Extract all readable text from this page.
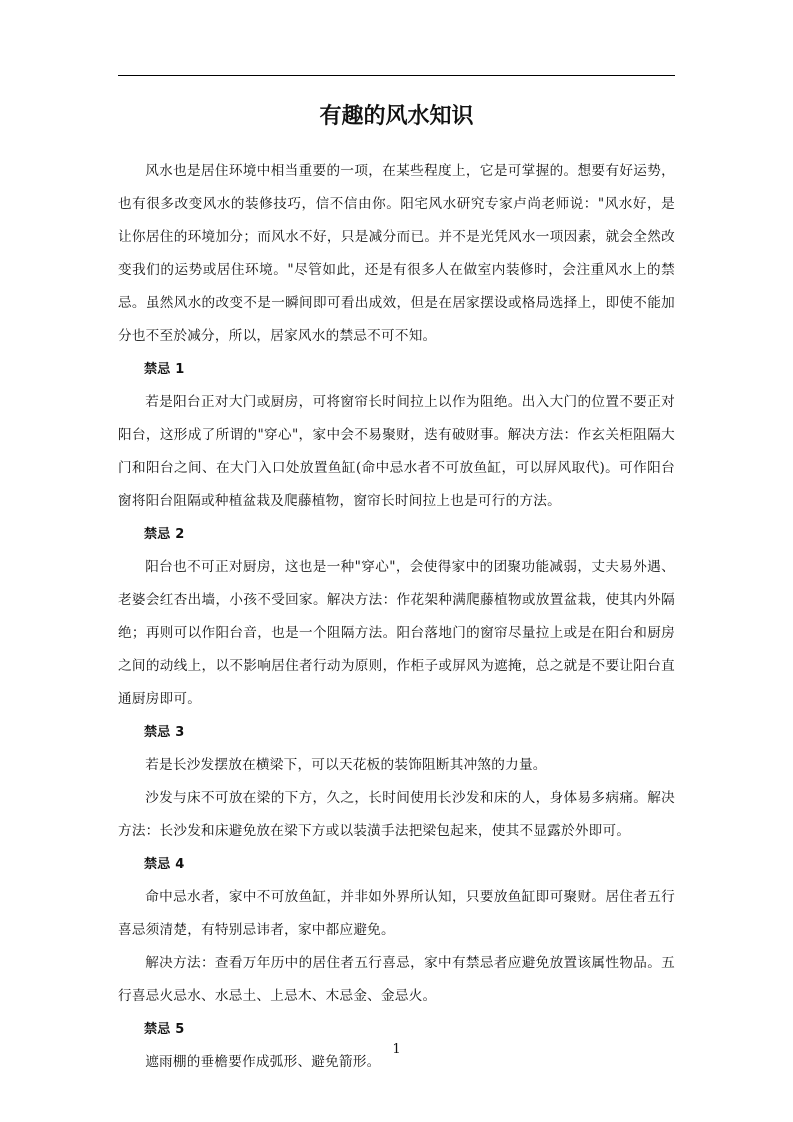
有趣的风水知识

风水也是居住环境中相当重要的一项，在某些程度上，它是可掌握的。想要有好运势，也有很多改变风水的装修技巧，信不信由你。阳宅风水研究专家卢尚老师说："风水好，是让你居住的环境加分；而风水不好，只是减分而已。并不是光凭风水一项因素，就会全然改变我们的运势或居住环境。"尽管如此，还是有很多人在做室内装修时，会注重风水上的禁忌。虽然风水的改变不是一瞬间即可看出成效，但是在居家摆设或格局选择上，即使不能加分也不至於减分，所以，居家风水的禁忌不可不知。

禁忌 1

若是阳台正对大门或厨房，可将窗帘长时间拉上以作为阻绝。出入大门的位置不要正对阳台，这形成了所谓的"穿心"，家中会不易聚财，迭有破财事。解决方法：作玄关柜阻隔大门和阳台之间、在大门入口处放置鱼缸(命中忌水者不可放鱼缸，可以屏风取代)。可作阳台窗将阳台阻隔或种植盆栽及爬藤植物，窗帘长时间拉上也是可行的方法。

禁忌 2

阳台也不可正对厨房，这也是一种"穿心"，会使得家中的团聚功能减弱，丈夫易外遇、老婆会红杏出墙，小孩不受回家。解决方法：作花架种满爬藤植物或放置盆栽，使其内外隔绝；再则可以作阳台音，也是一个阻隔方法。阳台落地门的窗帘尽量拉上或是在阳台和厨房之间的动线上，以不影响居住者行动为原则，作柜子或屏风为遮掩，总之就是不要让阳台直通厨房即可。

禁忌 3

若是长沙发摆放在横梁下，可以天花板的装饰阻断其冲煞的力量。

沙发与床不可放在梁的下方，久之，长时间使用长沙发和床的人，身体易多病痛。解决方法：长沙发和床避免放在梁下方或以装潢手法把梁包起来，使其不显露於外即可。

禁忌 4

命中忌水者，家中不可放鱼缸，并非如外界所认知，只要放鱼缸即可聚财。居住者五行喜忌须清楚，有特别忌讳者，家中都应避免。

解决方法：查看万年历中的居住者五行喜忌，家中有禁忌者应避免放置该属性物品。五行喜忌火忌水、水忌土、上忌木、木忌金、金忌火。

禁忌 5

遮雨棚的垂檐要作成弧形、避免箭形。

1
